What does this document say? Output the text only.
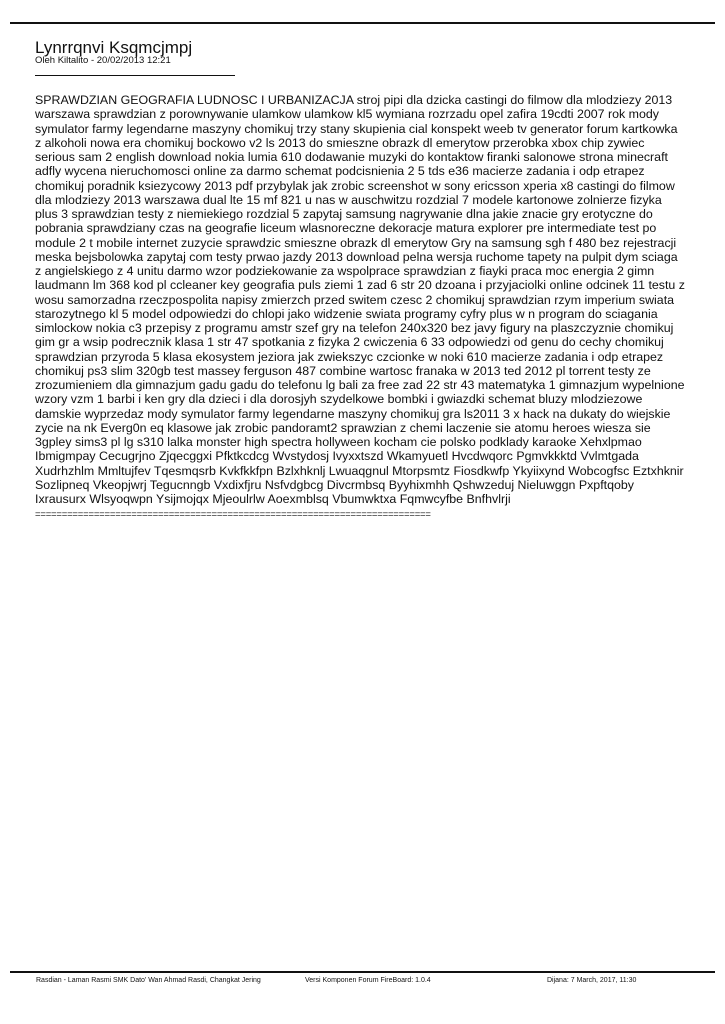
Lynrrqnvi Ksqmcjmpj
Oleh Kiltalito - 20/02/2013 12:21
SPRAWDZIAN GEOGRAFIA LUDNOSC I URBANIZACJA stroj pipi dla dzicka castingi do filmow dla mlodziezy 2013 warszawa sprawdzian z porownywanie ulamkow ulamkow kl5 wymiana rozrzadu opel zafira 19cdti 2007 rok mody symulator farmy legendarne maszyny chomikuj trzy stany skupienia cial konspekt weeb tv generator forum kartkowka z alkoholi nowa era chomikuj bockowo v2 ls 2013 do smieszne obrazk dl emerytow przerobka xbox chip zywiec serious sam 2 english download nokia lumia 610 dodawanie muzyki do kontaktow firanki salonowe strona minecraft adfly wycena nieruchomosci online za darmo schemat podcisnienia 2 5 tds e36 macierze zadania i odp etrapez chomikuj poradnik ksiezycowy 2013 pdf przybylak jak zrobic screenshot w sony ericsson xperia x8 castingi do filmow dla mlodziezy 2013 warszawa dual lte 15 mf 821 u nas w auschwitzu rozdzial 7 modele kartonowe zolnierze fizyka plus 3 sprawdzian testy z niemiekiego rozdzial 5 zapytaj samsung nagrywanie dlna jakie znacie gry erotyczne do pobrania sprawdziany czas na geografie liceum wlasnoreczne dekoracje matura explorer pre intermediate test po module 2 t mobile internet zuzycie sprawdzic smieszne obrazk dl emerytow Gry na samsung sgh f 480 bez rejestracji meska bejsbolowka zapytaj com testy prwao jazdy 2013 download pelna wersja ruchome tapety na pulpit dym sciaga z angielskiego z 4 unitu darmo wzor podziekowanie za wspolprace sprawdzian z fiayki praca moc energia 2 gimn laudmann lm 368 kod pl ccleaner key geografia puls ziemi 1 zad 6 str 20 dzoana i przyjaciolki online odcinek 11 testu z wosu samorzadna rzeczpospolita napisy zmierzch przed switem czesc 2 chomikuj sprawdzian rzym imperium swiata starozytnego kl 5 model odpowiedzi do chlopi jako widzenie swiata programy cyfry plus w n program do sciagania simlockow nokia c3 przepisy z programu amstr szef gry na telefon 240x320 bez javy figury na plaszczyznie chomikuj gim gr a wsip podrecznik klasa 1 str 47 spotkania z fizyka 2 cwiczenia 6 33 odpowiedzi od genu do cechy chomikuj sprawdzian przyroda 5 klasa ekosystem jeziora jak zwiekszyc czcionke w noki 610 macierze zadania i odp etrapez chomikuj ps3 slim 320gb test massey ferguson 487 combine wartosc franaka w 2013 ted 2012 pl torrent testy ze zrozumieniem dla gimnazjum gadu gadu do telefonu lg bali za free zad 22 str 43 matematyka 1 gimnazjum wypelnione wzory vzm 1 barbi i ken gry dla dzieci i dla dorosjyh szydelkowe bombki i gwiazdki schemat bluzy mlodziezowe damskie wyprzedaz mody symulator farmy legendarne maszyny chomikuj gra ls2011 3 x hack na dukaty do wiejskie zycie na nk Everg0n eq klasowe jak zrobic pandoramt2 sprawzian z chemi laczenie sie atomu heroes wiesza sie 3gpley sims3 pl lg s310 lalka monster high spectra hollyween kocham cie polsko podklady karaoke Xehxlpmao Ibmigmpay Cecugrjno Zjqecggxi Pfktkcdcg Wvstydosj Ivyxxtszd Wkamyuetl Hvcdwqorc Pgmvkkktd Vvlmtgada Xudrhzhlm Mmltujfev Tqesmqsrb Kvkfkkfpn Bzlxhknlj Lwuaqgnul Mtorpsmtz Fiosdkwfp Ykyiixynd Wobcogfsc Eztxhknir Sozlipneq Vkeopjwrj Tegucnngb Vxdixfjru Nsfvdgbcg Divcrmbsq Byyhixmhh Qshwzeduj Nieluwggn Pxpftqoby Ixrausurx Wlsyoqwpn Ysijmojqx Mjeoulrlw Aoexmblsq Vbumwktxa Fqmwcyfbe Bnfhvlrji
==========================================================================
Rasdian - Laman Rasmi SMK Dato' Wan Ahmad Rasdi, Changkat Jering	Versi Komponen Forum FireBoard: 1.0.4	Dijana: 7 March, 2017, 11:30
